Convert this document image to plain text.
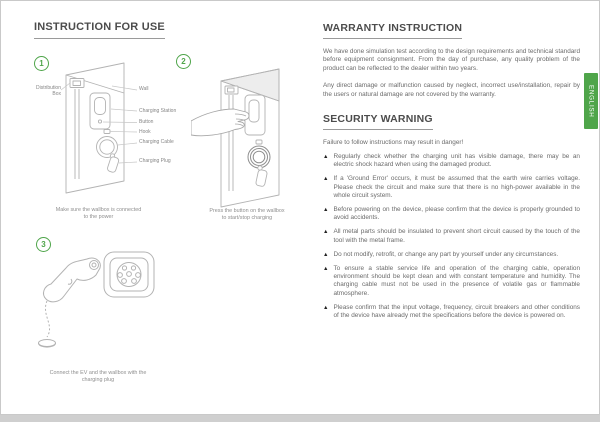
INSTRUCTION FOR USE
1	2
3
Distribution
Box
Wall
Charging Station
Button
Hook
Charging Cable
Charging Plug
Make sure the wallbox is connected
to the power
Press the button on the wallbox
to start/stop charging
Connect the EV and the wallbox with the
charging plug
WARRANTY INSTRUCTION

We have done simulation test according to the design requirements and technical standard before equipment consignment. From the day of purchase, any quality problem of the product can be reflected to the dealer within two years.

Any direct damage or malfunction caused by neglect, incorrect use/installation, repair by the users or natural damage are not covered by the warranty.

SECURITY WARNING

Failure to follow instructions may result in danger!

▲ Regularly check whether the charging unit has visible damage, there may be an electric shock hazard when using the damaged product.
▲ If a 'Ground Error' occurs, it must be assumed that the earth wire carries voltage. Please check the circuit and make sure that there is no high-power available in the whole circuit system.
▲ Before powering on the device, please confirm that the device is properly grounded to avoid accidents.
▲ All metal parts should be insulated to prevent short circuit caused by the touch of the tool with the metal frame.
▲ Do not modify, retrofit, or change any part by yourself under any circumstances.
▲ To ensure a stable service life and operation of the charging cable, operation environment should be kept clean and with constant temperature and humidity. The charging cable must not be used in the presence of volatile gas or flammable atmosphere.
▲ Please confirm that the input voltage, frequency, circuit breakers and other conditions of the device have already met the specifications before the device is powered on.
ENGLISH
